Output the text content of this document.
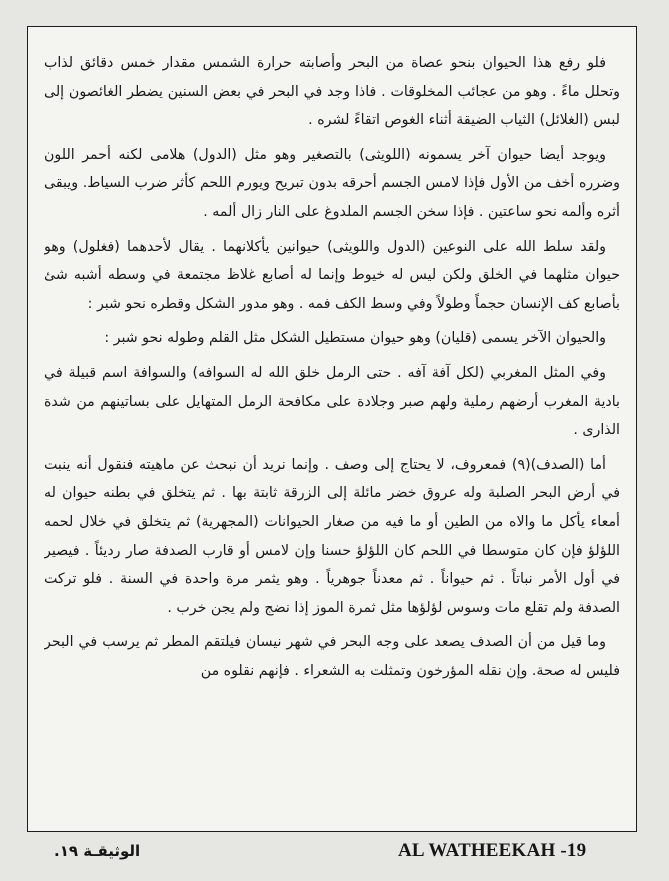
فلو رفع هذا الحيوان بنحو عصاة من البحر وأصابته حرارة الشمس مقدار خمس دقائق لذاب وتحلل ماءً . وهو من عجائب المخلوقات . فاذا وجد في البحر في بعض السنين يضطر الغائصون إلى لبس (الغلائل) الثياب الضيقة أثناء الغوص اتقاءً لشره .

ويوجد أيضا حيوان آخر يسمونه (اللويثى) بالتصغير وهو مثل (الدول) هلامى لكنه أحمر اللون وضرره أخف من الأول فإذا لامس الجسم أحرقه بدون تبريح ويورم اللحم كأثر ضرب السياط. ويبقى أثره وألمه نحو ساعتين . فإذا سخن الجسم الملدوغ على النار زال ألمه .

ولقد سلط الله على النوعين (الدول واللويثى) حيوانين يأكلانهما . يقال لأحدهما (فغلول) وهو حيوان مثلهما في الخلق ولكن ليس له خيوط وإنما له أصابع غلاظ مجتمعة في وسطه أشبه شئ بأصابع كف الإنسان حجماً وطولاً وفي وسط الكف فمه . وهو مدور الشكل وقطره نحو شبر :

والحيوان الآخر يسمى (قليان) وهو حيوان مستطيل الشكل مثل القلم وطوله نحو شبر :

وفي المثل المغربي (لكل آفة آفه . حتى الرمل خلق الله له السوافه) والسوافة اسم قبيلة في بادية المغرب أرضهم رملية ولهم صبر وجلادة على مكافحة الرمل المتهايل على بساتينهم من شدة الذارى .

أما (الصدف)(٩) فمعروف، لا يحتاج إلى وصف . وإنما نريد أن نبحث عن ماهيته فنقول أنه ينبت في أرض البحر الصلبة وله عروق خضر مائلة إلى الزرقة ثابتة بها . ثم يتخلق في بطنه حيوان له أمعاء يأكل ما والاه من الطين أو ما فيه من صغار الحيوانات (المجهرية) ثم يتخلق في خلال لحمه اللؤلؤ فإن كان متوسطا في اللحم كان اللؤلؤ حسنا وإن لامس أو قارب الصدفة صار رديئاً . فيصير في أول الأمر نباتاً . ثم حيواناً . ثم معدناً جوهرياً . وهو يثمر مرة واحدة في السنة . فلو تركت الصدفة ولم تقلع مات وسوس لؤلؤها مثل ثمرة الموز إذا نضج ولم يجن خرب .

وما قيل من أن الصدف يصعد على وجه البحر في شهر نيسان فيلتقم المطر ثم يرسب في البحر فليس له صحة. وإن نقله المؤرخون وتمثلت به الشعراء . فإنهم نقلوه من

AL WATHEEKAH -19
الوثيقـة ١٩.
